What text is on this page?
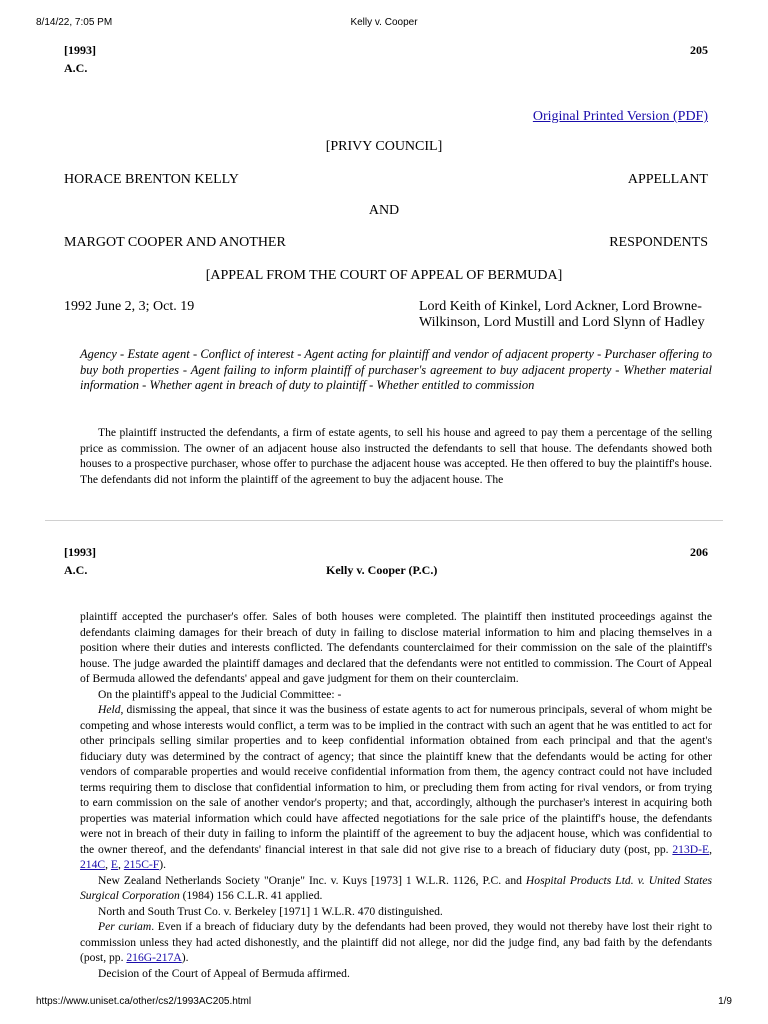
8/14/22, 7:05 PM	Kelly v. Cooper
[1993]	205
A.C.
Original Printed Version (PDF)
[PRIVY COUNCIL]
HORACE BRENTON KELLY	APPELLANT
AND
MARGOT COOPER AND ANOTHER	RESPONDENTS
[APPEAL FROM THE COURT OF APPEAL OF BERMUDA]
1992 June 2, 3; Oct. 19	Lord Keith of Kinkel, Lord Ackner, Lord Browne-
Wilkinson, Lord Mustill and Lord Slynn of Hadley
Agency - Estate agent - Conflict of interest - Agent acting for plaintiff and vendor of adjacent property - Purchaser offering to buy both properties - Agent failing to inform plaintiff of purchaser's agreement to buy adjacent property - Whether material information - Whether agent in breach of duty to plaintiff - Whether entitled to commission

The plaintiff instructed the defendants, a firm of estate agents, to sell his house and agreed to pay them a percentage of the selling price as commission. The owner of an adjacent house also instructed the defendants to sell that house. The defendants showed both houses to a prospective purchaser, whose offer to purchase the adjacent house was accepted. He then offered to buy the plaintiff's house. The defendants did not inform the plaintiff of the agreement to buy the adjacent house. The

[1993]	206
A.C.	Kelly v. Cooper (P.C.)

plaintiff accepted the purchaser's offer. Sales of both houses were completed. The plaintiff then instituted proceedings against the defendants claiming damages for their breach of duty in failing to disclose material information to him and placing themselves in a position where their duties and interests conflicted. The defendants counterclaimed for their commission on the sale of the plaintiff's house. The judge awarded the plaintiff damages and declared that the defendants were not entitled to commission. The Court of Appeal of Bermuda allowed the defendants' appeal and gave judgment for them on their counterclaim.

On the plaintiff's appeal to the Judicial Committee: -

Held, dismissing the appeal, that since it was the business of estate agents to act for numerous principals, several of whom might be competing and whose interests would conflict, a term was to be implied in the contract with such an agent that he was entitled to act for other principals selling similar properties and to keep confidential information obtained from each principal and that the agent's fiduciary duty was determined by the contract of agency; that since the plaintiff knew that the defendants would be acting for other vendors of comparable properties and would receive confidential information from them, the agency contract could not have included terms requiring them to disclose that confidential information to him, or precluding them from acting for rival vendors, or from trying to earn commission on the sale of another vendor's property; and that, accordingly, although the purchaser's interest in acquiring both properties was material information which could have affected negotiations for the sale price of the plaintiff's house, the defendants were not in breach of their duty in failing to inform the plaintiff of the agreement to buy the adjacent house, which was confidential to the owner thereof, and the defendants' financial interest in that sale did not give rise to a breach of fiduciary duty (post, pp. 213D-E, 214C, E, 215C-F).

New Zealand Netherlands Society "Oranje" Inc. v. Kuys [1973] 1 W.L.R. 1126, P.C. and Hospital Products Ltd. v. United States Surgical Corporation (1984) 156 C.L.R. 41 applied.

North and South Trust Co. v. Berkeley [1971] 1 W.L.R. 470 distinguished.

Per curiam. Even if a breach of fiduciary duty by the defendants had been proved, they would not thereby have lost their right to commission unless they had acted dishonestly, and the plaintiff did not allege, nor did the judge find, any bad faith by the defendants (post, pp. 216G-217A).

Decision of the Court of Appeal of Bermuda affirmed.

https://www.uniset.ca/other/cs2/1993AC205.html	1/9
